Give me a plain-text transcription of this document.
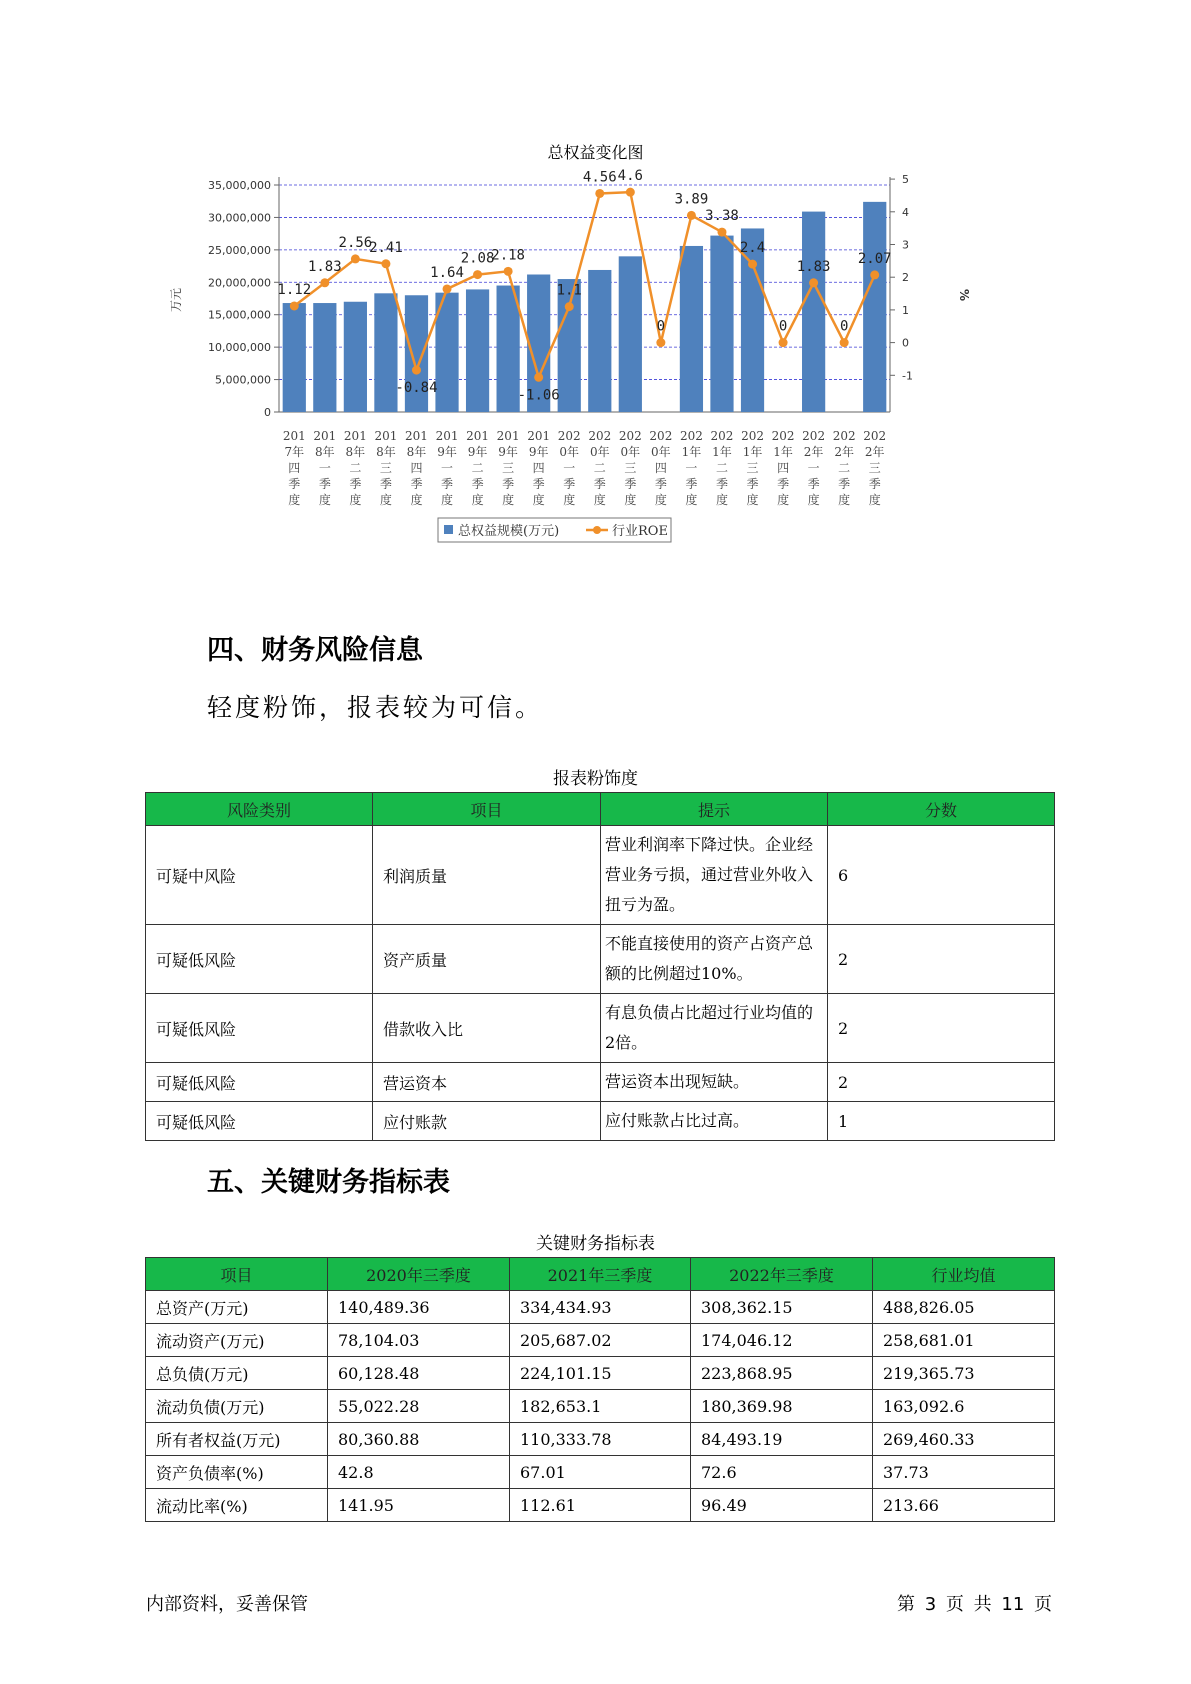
总权益变化图
35,000,000
30,000,000
25,000,000
20,000,000
15,000,000
10,000,000
5,000,000
0
5
4
3
2
1
0
-1
万元	%
1.12
1.83
2.56
2.41
-0.84
1.64
2.08
2.18
-1.06
1.1
4.56 4.6
0
3.89
3.38
2.4
0
1.83
0
2.07
201
7年
四
季
度
201
8年
一
季
度
201
8年
二
季
度
201
8年
三
季
度
201
8年
四
季
度
201
9年
一
季
度
201
9年
二
季
度
201
9年
三
季
度
201
9年
四
季
度
202
0年
一
季
度
202
0年
二
季
度
202
0年
三
季
度
202
0年
四
季
度
202
1年
一
季
度
202
1年
二
季
度
202
1年
三
季
度
202
1年
四
季
度
202
2年
一
季
度
202
2年
二
季
度
202
2年
三
季
度
总权益规模(万元)	行业ROE
四、财务风险信息
轻度粉饰，报表较为可信。
报表粉饰度
风险类别	项目	提示	分数
可疑中风险	利润质量	营业利润率下降过快。企业经营业务亏损，通过营业外收入扭亏为盈。	6
可疑低风险	资产质量	不能直接使用的资产占资产总额的比例超过10%。	2
可疑低风险	借款收入比	有息负债占比超过行业均值的2倍。	2
可疑低风险	营运资本	营运资本出现短缺。	2
可疑低风险	应付账款	应付账款占比过高。	1
五、关键财务指标表
关键财务指标表
项目	2020年三季度	2021年三季度	2022年三季度	行业均值
总资产(万元)	140,489.36	334,434.93	308,362.15	488,826.05
流动资产(万元)	78,104.03	205,687.02	174,046.12	258,681.01
总负债(万元)	60,128.48	224,101.15	223,868.95	219,365.73
流动负债(万元)	55,022.28	182,653.1	180,369.98	163,092.6
所有者权益(万元)	80,360.88	110,333.78	84,493.19	269,460.33
资产负债率(%)	42.8	67.01	72.6	37.73
流动比率(%)	141.95	112.61	96.49	213.66
内部资料，妥善保管	第 3 页 共 11 页
